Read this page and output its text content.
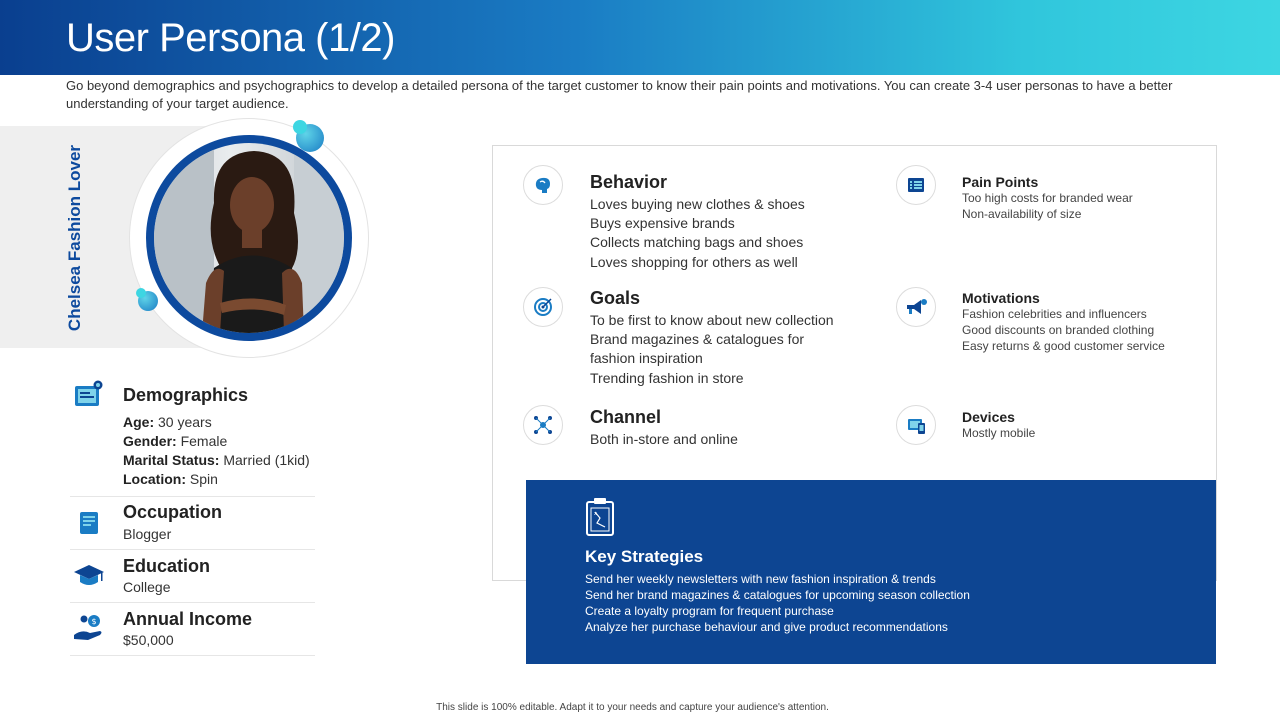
User Persona (1/2)
Go beyond demographics and psychographics to develop a detailed persona of the target customer to know their pain points and motivations. You can create 3-4 user personas to have a better understanding of your target audience.
Chelsea Fashion Lover
Demographics
Age: 30 years
Gender: Female
Marital Status: Married (1kid)
Location: Spin
Occupation
Blogger
Education
College
$ Annual Income
$50,000
Behavior
Loves buying new clothes & shoes
Buys expensive brands
Collects matching bags and shoes
Loves shopping for others as well
Goals
To be first to know about new collection
Brand magazines & catalogues for
fashion inspiration
Trending fashion in store
Channel
Both in-store and online
Pain Points
Too high costs for branded wear
Non-availability of size
Motivations
Fashion celebrities and influencers
Good discounts on branded clothing
Easy returns & good customer service
Devices
Mostly mobile
x
Key Strategies
Send her weekly newsletters with new fashion inspiration & trends
Send her brand magazines & catalogues for upcoming season collection
Create a loyalty program for frequent purchase
Analyze her purchase behaviour and give product recommendations
This slide is 100% editable. Adapt it to your needs and capture your audience's attention.
